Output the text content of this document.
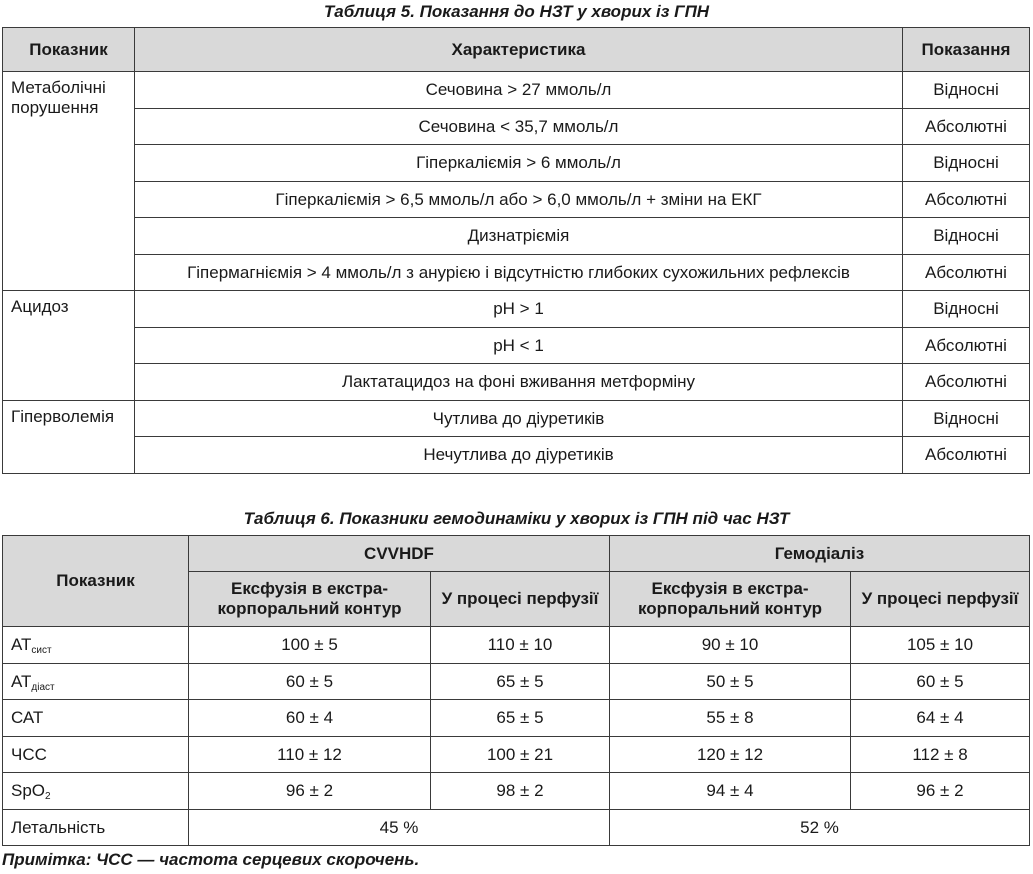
Таблиця 5. Показання до НЗТ у хворих із ГПН
Показник	Характеристика	Показання
Метаболічні порушення	Сечовина > 27 ммоль/л	Відносні
	Сечовина < 35,7 ммоль/л	Абсолютні
	Гіперкаліємія > 6 ммоль/л	Відносні
	Гіперкаліємія > 6,5 ммоль/л або > 6,0 ммоль/л + зміни на ЕКГ	Абсолютні
	Дизнатріємія	Відносні
	Гіпермагніємія > 4 ммоль/л з анурією і відсутністю глибоких сухожильних рефлексів	Абсолютні
Ацидоз	pH > 1	Відносні
	pH < 1	Абсолютні
	Лактатацидоз на фоні вживання метформіну	Абсолютні
Гіперволемія	Чутлива до діуретиків	Відносні
	Нечутлива до діуретиків	Абсолютні
Таблиця 6. Показники гемодинаміки у хворих із ГПН під час НЗТ
Показник	CVVHDF		Гемодіаліз	
	Ексфузія в екстра-корпоральний контур	У процесі перфузії	Ексфузія в екстра-корпоральний контур	У процесі перфузії
$АТ_{сист}$	100 ± 5	110 ± 10	90 ± 10	105 ± 10
$АТ_{діаст}$	60 ± 5	65 ± 5	50 ± 5	60 ± 5
САТ	60 ± 4	65 ± 5	55 ± 8	64 ± 4
ЧСС	110 ± 12	100 ± 21	120 ± 12	112 ± 8
SpO$_2$	96 ± 2	98 ± 2	94 ± 4	96 ± 2
Летальність	45 %		52 %	
Примітка: ЧСС — частота серцевих скорочень.
